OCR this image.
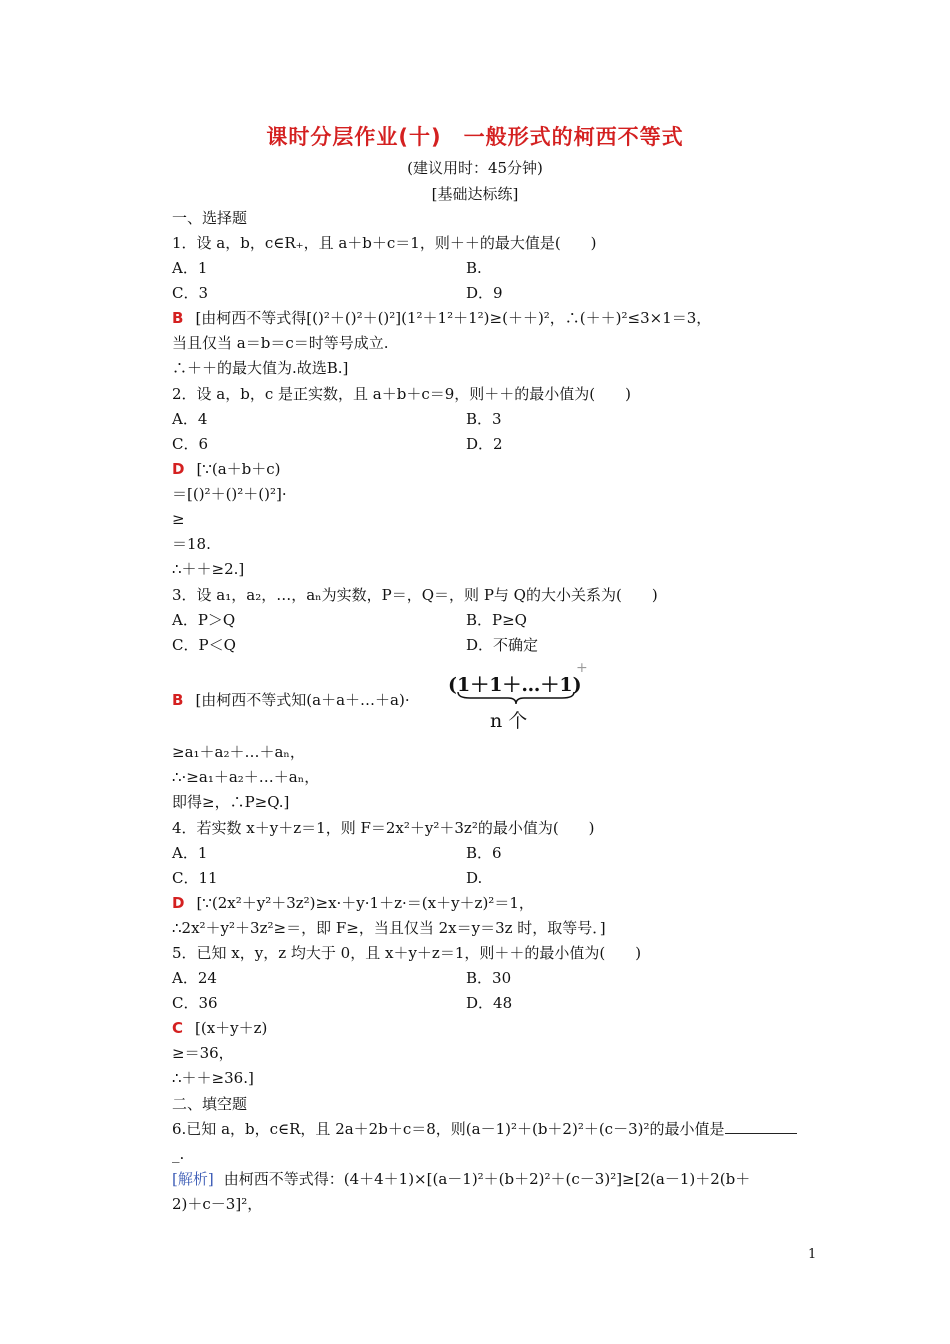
课时分层作业(十)　一般形式的柯西不等式
(建议用时：45分钟)
[基础达标练]
一、选择题
1．设 a，b，c∈R₊，且 a＋b＋c＝1，则＋＋的最大值是(　　)
A．1	B.
C．3	D．9
B [由柯西不等式得[()²＋()²＋()²](1²＋1²＋1²)≥(＋＋)²，∴(＋＋)²≤3×1＝3，
当且仅当 a＝b＝c＝时等号成立.
∴＋＋的最大值为.故选B.]
2．设 a，b，c 是正实数，且 a＋b＋c＝9，则＋＋的最小值为(　　)
A．4	B．3
C．6	D．2
D [∵(a＋b＋c)
＝[()²＋()²＋()²]·
≥
＝18.
∴＋＋≥2.]
3．设 a₁，a₂，…，aₙ为实数，P＝，Q＝，则 P与 Q的大小关系为(　　)
A．P＞Q	B．P≥Q
C．P＜Q	D．不确定
B [由柯西不等式知(a＋a＋…＋a)·
(1＋1＋…＋1)
n 个
+
≥a₁＋a₂＋…＋aₙ，
∴·≥a₁＋a₂＋…＋aₙ，
即得≥，∴P≥Q.]
4．若实数 x＋y＋z＝1，则 F＝2x²＋y²＋3z²的最小值为(　　)
A．1	B．6
C．11	D.
D [∵(2x²＋y²＋3z²)≥x·＋y·1＋z·＝(x＋y＋z)²＝1，
∴2x²＋y²＋3z²≥＝，即 F≥，当且仅当 2x＝y＝3z 时，取等号．]
5．已知 x，y，z 均大于 0，且 x＋y＋z＝1，则＋＋的最小值为(　　)
A．24	B．30
C．36	D．48
C [(x＋y＋z)
≥＝36，
∴＋＋≥36.]
二、填空题
6.已知 a，b，c∈R，且 2a＋2b＋c＝8，则(a－1)²＋(b＋2)²＋(c－3)²的最小值是
_.
[解析] 由柯西不等式得：(4＋4＋1)×[(a－1)²＋(b＋2)²＋(c－3)²]≥[2(a－1)＋2(b＋
2)＋c－3]²，
1
